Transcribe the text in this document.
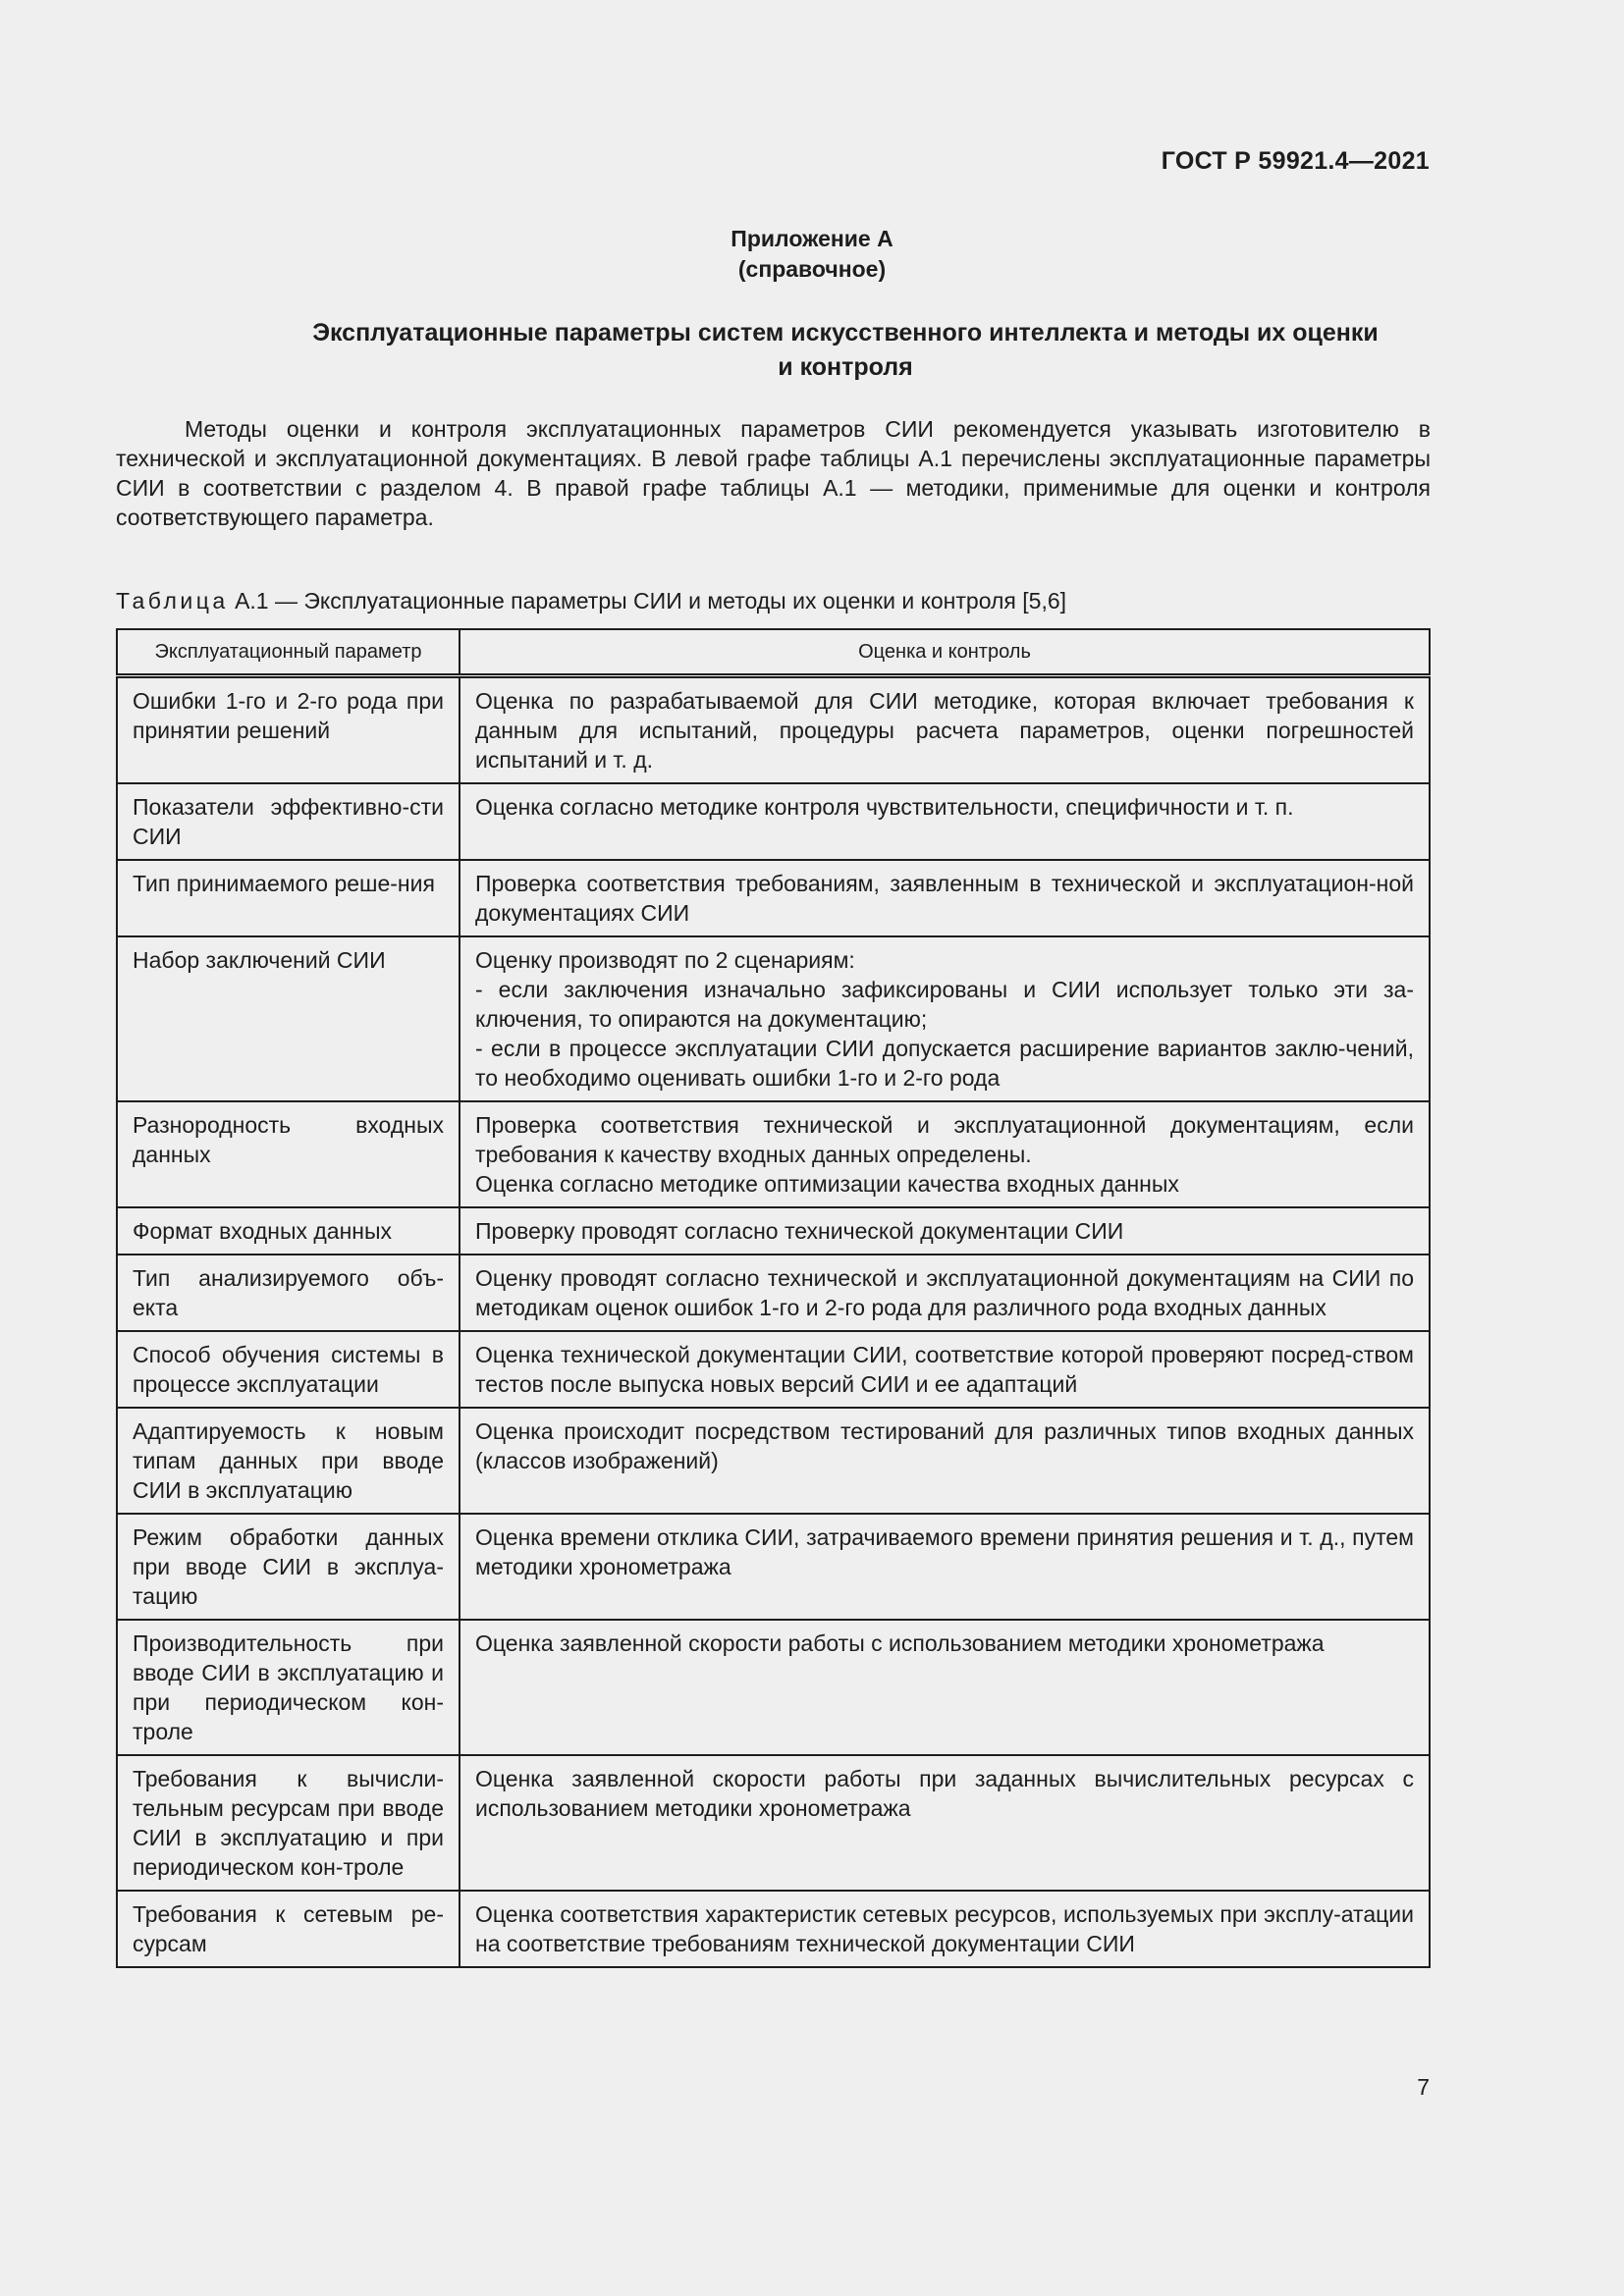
ГОСТ Р 59921.4—2021
Приложение А
(справочное)
Эксплуатационные параметры систем искусственного интеллекта и методы их оценки
и контроля

Методы оценки и контроля эксплуатационных параметров СИИ рекомендуется указывать изготовителю в технической и эксплуатационной документациях. В левой графе таблицы А.1 перечислены эксплуатационные параметры СИИ в соответствии с разделом 4. В правой графе таблицы А.1 — методики, применимые для оценки и контроля соответствующего параметра.

Таблица А.1 — Эксплуатационные параметры СИИ и методы их оценки и контроля [5,6]
Эксплуатационный параметр	Оценка и контроль
Ошибки 1-го и 2-го рода при принятии решений	Оценка по разрабатываемой для СИИ методике, которая включает требования к данным для испытаний, процедуры расчета параметров, оценки погрешностей испытаний и т. д.
Показатели эффективно-сти СИИ	Оценка согласно методике контроля чувствительности, специфичности и т. п.
Тип принимаемого реше-ния	Проверка соответствия требованиям, заявленным в технической и эксплуатацион-ной документациях СИИ
Набор заключений СИИ	Оценку производят по 2 сценариям:
- если заключения изначально зафиксированы и СИИ использует только эти за-ключения, то опираются на документацию;
- если в процессе эксплуатации СИИ допускается расширение вариантов заклю-чений, то необходимо оценивать ошибки 1-го и 2-го рода
Разнородность входных данных	Проверка соответствия технической и эксплуатационной документациям, если требования к качеству входных данных определены.
Оценка согласно методике оптимизации качества входных данных
Формат входных данных	Проверку проводят согласно технической документации СИИ
Тип анализируемого объ-екта	Оценку проводят согласно технической и эксплуатационной документациям на СИИ по методикам оценок ошибок 1-го и 2-го рода для различного рода входных данных
Способ обучения системы в процессе эксплуатации	Оценка технической документации СИИ, соответствие которой проверяют посред-ством тестов после выпуска новых версий СИИ и ее адаптаций
Адаптируемость к новым типам данных при вводе СИИ в эксплуатацию	Оценка происходит посредством тестирований для различных типов входных данных (классов изображений)
Режим обработки данных при вводе СИИ в эксплуа-тацию	Оценка времени отклика СИИ, затрачиваемого времени принятия решения и т. д., путем методики хронометража
Производительность при вводе СИИ в эксплуатацию и при периодическом кон-троле	Оценка заявленной скорости работы с использованием методики хронометража
Требования к вычисли-тельным ресурсам при вводе СИИ в эксплуатацию и при периодическом кон-троле	Оценка заявленной скорости работы при заданных вычислительных ресурсах с использованием методики хронометража
Требования к сетевым ре-сурсам	Оценка соответствия характеристик сетевых ресурсов, используемых при эксплу-атации на соответствие требованиям технической документации СИИ
7
